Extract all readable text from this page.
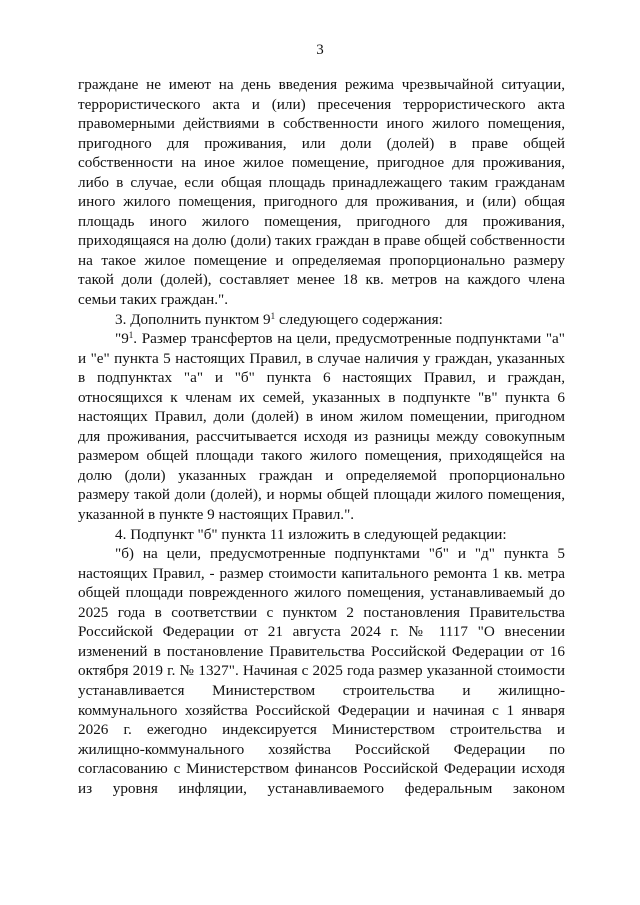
3

граждане не имеют на день введения режима чрезвычайной ситуации, террористического акта и (или) пресечения террористического акта правомерными действиями в собственности иного жилого помещения, пригодного для проживания, или доли (долей) в праве общей собственности на иное жилое помещение, пригодное для проживания, либо в случае, если общая площадь принадлежащего таким гражданам иного жилого помещения, пригодного для проживания, и (или) общая площадь иного жилого помещения, пригодного для проживания, приходящаяся на долю (доли) таких граждан в праве общей собственности на такое жилое помещение и определяемая пропорционально размеру такой доли (долей), составляет менее 18 кв. метров на каждого члена семьи таких граждан.".

3. Дополнить пунктом $9^1$ следующего содержания:

"$9^1$. Размер трансфертов на цели, предусмотренные подпунктами "а" и "е" пункта 5 настоящих Правил, в случае наличия у граждан, указанных в подпунктах "а" и "б" пункта 6 настоящих Правил, и граждан, относящихся к членам их семей, указанных в подпункте "в" пункта 6 настоящих Правил, доли (долей) в ином жилом помещении, пригодном для проживания, рассчитывается исходя из разницы между совокупным размером общей площади такого жилого помещения, приходящейся на долю (доли) указанных граждан и определяемой пропорционально размеру такой доли (долей), и нормы общей площади жилого помещения, указанной в пункте 9 настоящих Правил.".

4. Подпункт "б" пункта 11 изложить в следующей редакции:

"б) на цели, предусмотренные подпунктами "б" и "д" пункта 5 настоящих Правил, - размер стоимости капитального ремонта 1 кв. метра общей площади поврежденного жилого помещения, устанавливаемый до 2025 года в соответствии с пунктом 2 постановления Правительства Российской Федерации от 21 августа 2024 г. № 1117 "О внесении изменений в постановление Правительства Российской Федерации от 16 октября 2019 г. № 1327". Начиная с 2025 года размер указанной стоимости устанавливается Министерством строительства и жилищно-коммунального хозяйства Российской Федерации и начиная с 1 января 2026 г. ежегодно индексируется Министерством строительства и жилищно-коммунального хозяйства Российской Федерации по согласованию с Министерством финансов Российской Федерации исходя из уровня инфляции, устанавливаемого федеральным законом
